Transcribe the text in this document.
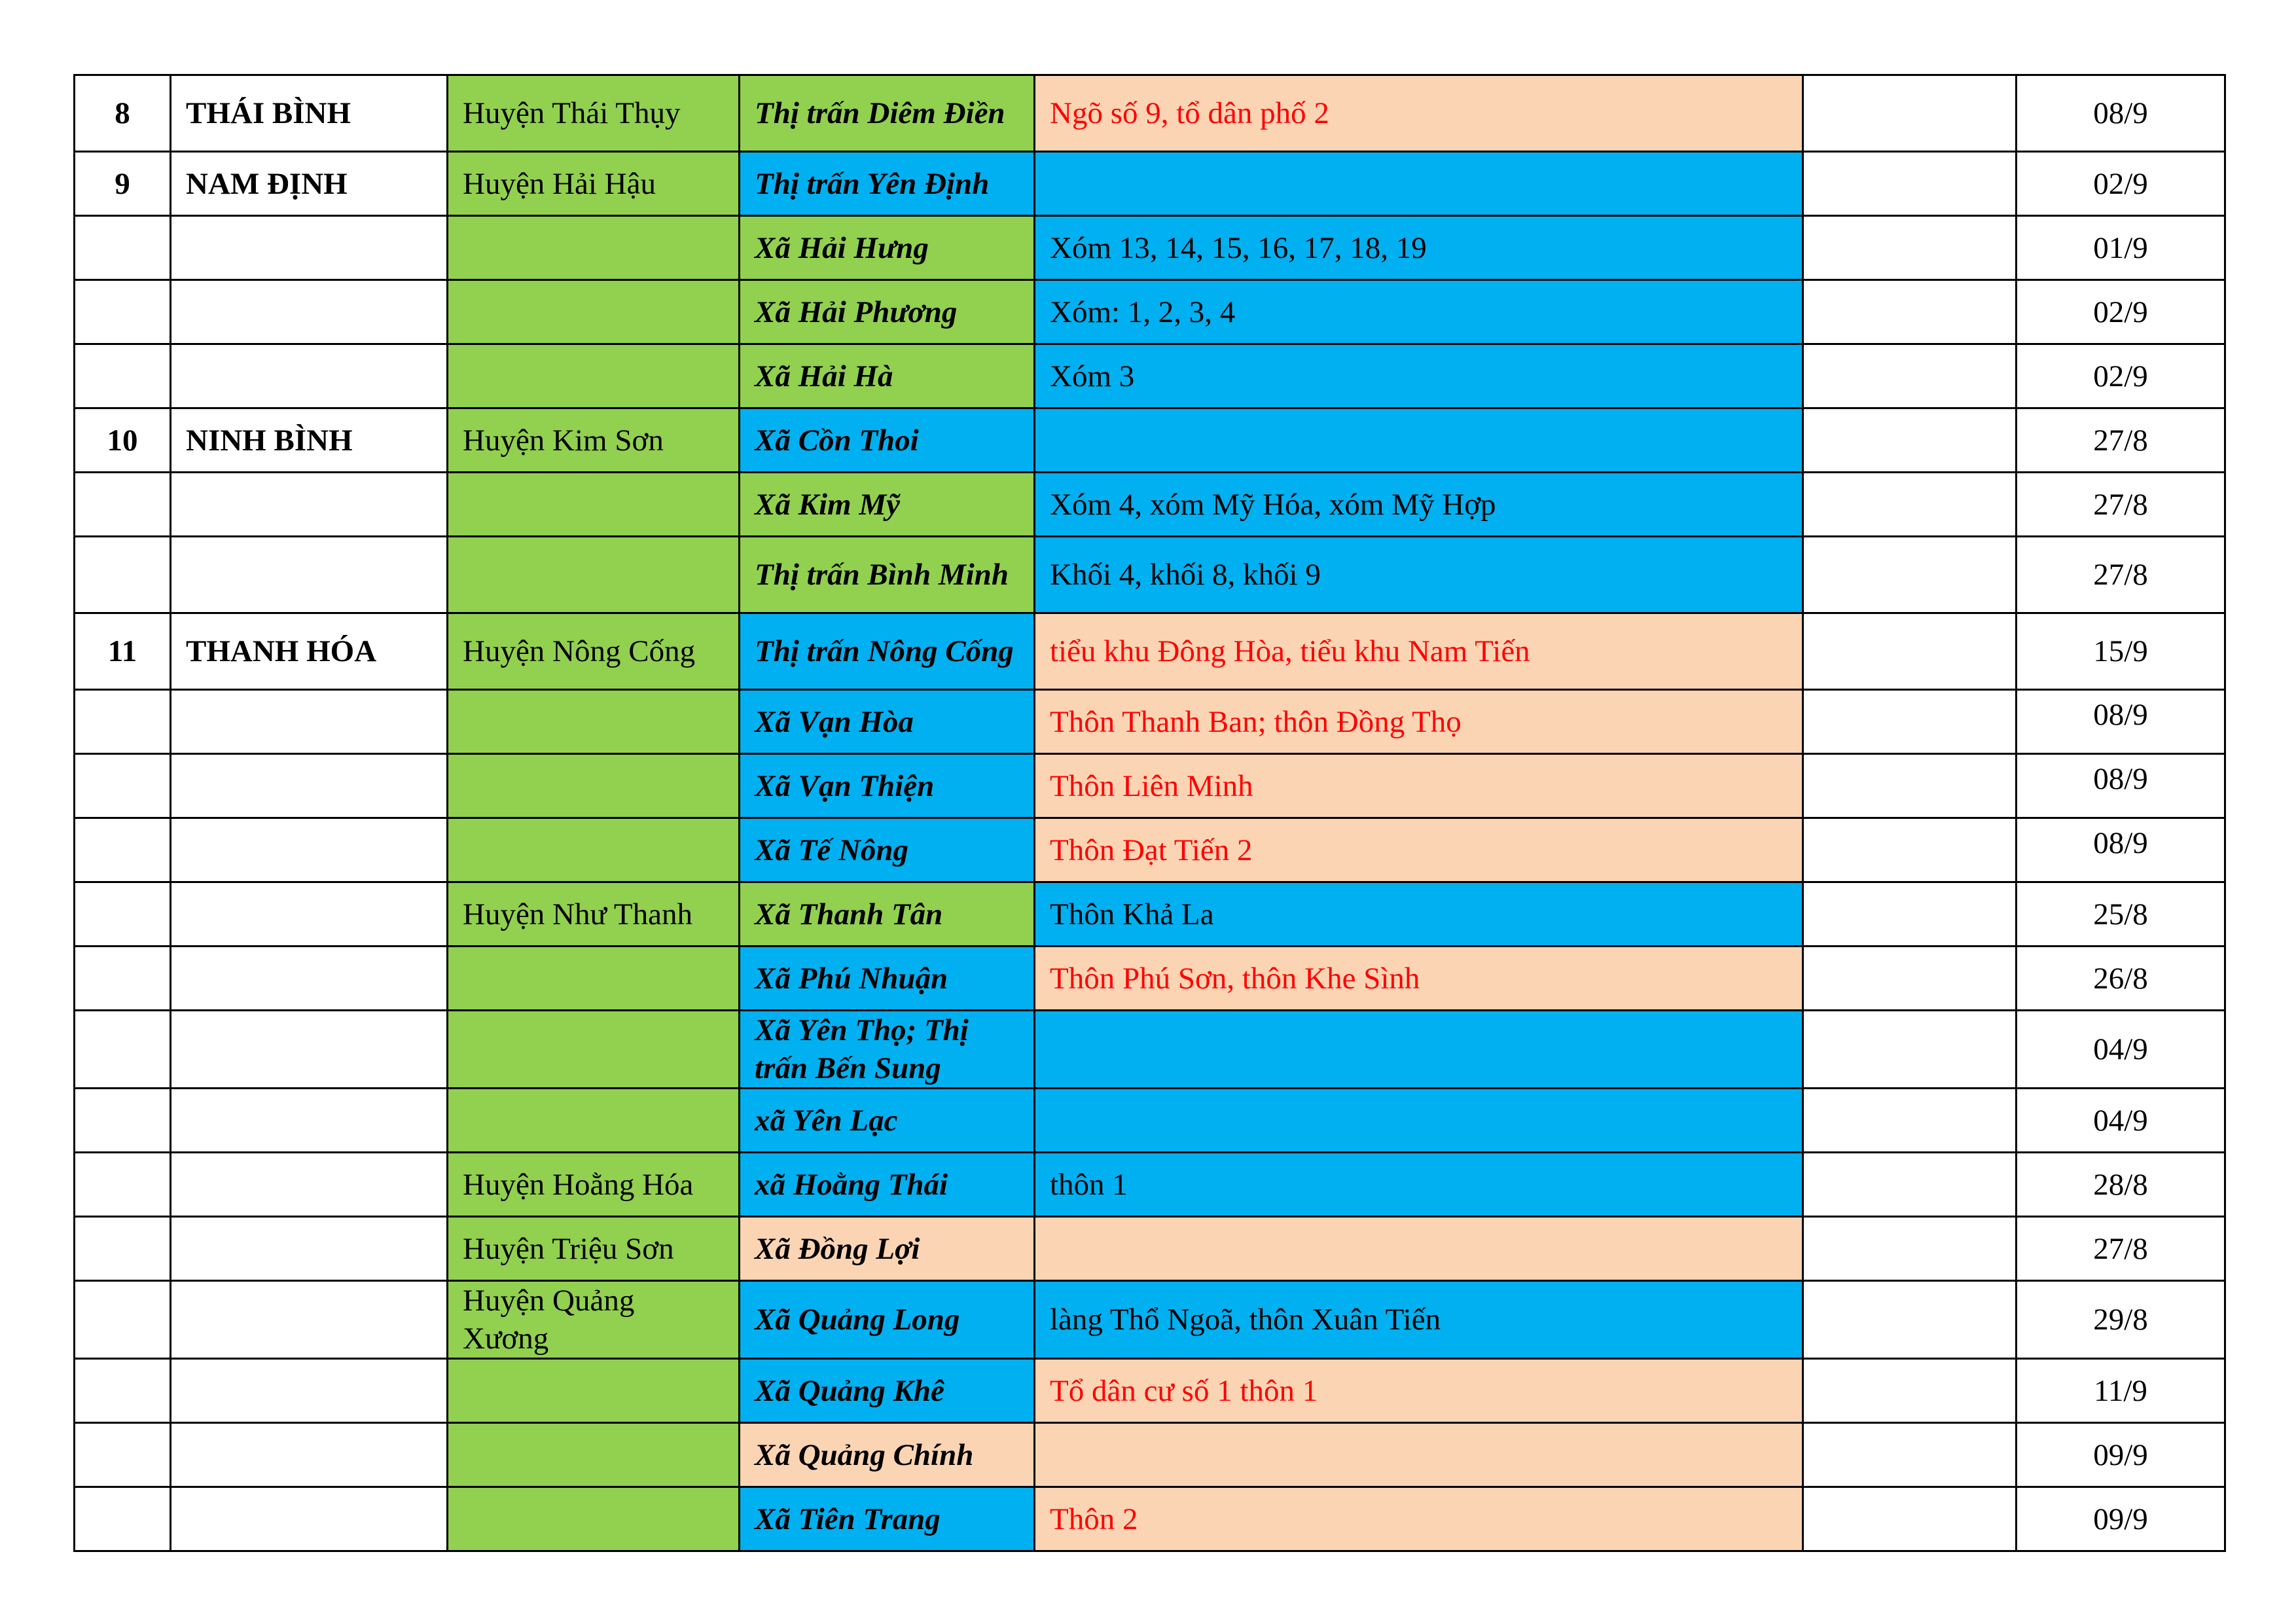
8	THÁI BÌNH	Huyện Thái Thụy	Thị trấn Diêm Điền	Ngõ số 9, tổ dân phố 2		08/9
9	NAM ĐỊNH	Huyện Hải Hậu	Thị trấn Yên Định			02/9
			Xã Hải Hưng	Xóm 13, 14, 15, 16, 17, 18, 19		01/9
			Xã Hải Phương	Xóm: 1, 2, 3, 4		02/9
			Xã Hải Hà	Xóm 3		02/9
10	NINH BÌNH	Huyện Kim Sơn	Xã Cồn Thoi			27/8
			Xã Kim Mỹ	Xóm 4, xóm Mỹ Hóa, xóm Mỹ Hợp		27/8
			Thị trấn Bình Minh	Khối 4, khối 8, khối 9		27/8
11	THANH HÓA	Huyện Nông Cống	Thị trấn Nông Cống	tiểu khu Đông Hòa, tiểu khu Nam Tiến		15/9
			Xã Vạn Hòa	Thôn Thanh Ban; thôn Đồng Thọ		08/9
			Xã Vạn Thiện	Thôn Liên Minh		08/9
			Xã Tế Nông	Thôn Đạt Tiến 2		08/9
		Huyện Như Thanh	Xã Thanh Tân	Thôn Khả La		25/8
			Xã Phú Nhuận	Thôn Phú Sơn, thôn Khe Sình		26/8
			Xã Yên Thọ; Thị trấn Bến Sung			04/9
			xã Yên Lạc			04/9
		Huyện Hoằng Hóa	xã Hoằng Thái	thôn 1		28/8
		Huyện Triệu Sơn	Xã Đồng Lợi			27/8
		Huyện Quảng Xương	Xã Quảng Long	làng Thổ Ngoã, thôn Xuân Tiến		29/8
			Xã Quảng Khê	Tổ dân cư số 1 thôn 1		11/9
			Xã Quảng Chính			09/9
			Xã Tiên Trang	Thôn 2		09/9
